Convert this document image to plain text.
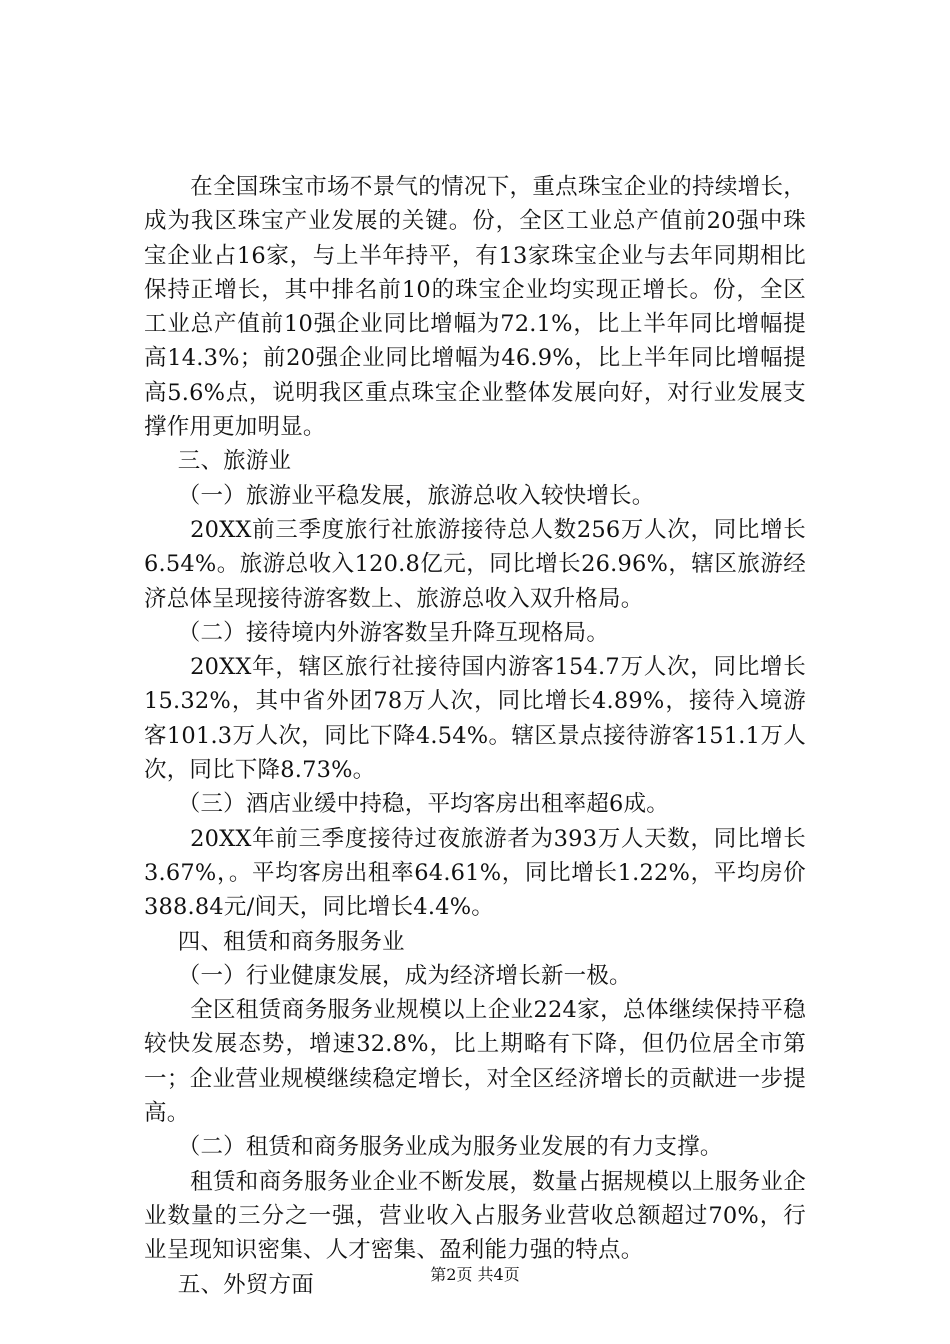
在全国珠宝市场不景气的情况下，重点珠宝企业的持续增长，成为我区珠宝产业发展的关键。份，全区工业总产值前20强中珠宝企业占16家，与上半年持平，有13家珠宝企业与去年同期相比保持正增长，其中排名前10的珠宝企业均实现正增长。份，全区工业总产值前10强企业同比增幅为72.1%，比上半年同比增幅提高14.3%；前20强企业同比增幅为46.9%，比上半年同比增幅提高5.6%点，说明我区重点珠宝企业整体发展向好，对行业发展支撑作用更加明显。

三、旅游业

（一）旅游业平稳发展，旅游总收入较快增长。

20XX前三季度旅行社旅游接待总人数256万人次，同比增长6.54%。旅游总收入120.8亿元，同比增长26.96%，辖区旅游经济总体呈现接待游客数上、旅游总收入双升格局。

（二）接待境内外游客数呈升降互现格局。

20XX年，辖区旅行社接待国内游客154.7万人次，同比增长15.32%，其中省外团78万人次，同比增长4.89%，接待入境游客101.3万人次，同比下降4.54%。辖区景点接待游客151.1万人次，同比下降8.73%。

（三）酒店业缓中持稳，平均客房出租率超6成。

20XX年前三季度接待过夜旅游者为393万人天数，同比增长3.67%，。平均客房出租率64.61%，同比增长1.22%，平均房价388.84元/间天，同比增长4.4%。

四、租赁和商务服务业

（一）行业健康发展，成为经济增长新一极。

全区租赁商务服务业规模以上企业224家，总体继续保持平稳较快发展态势，增速32.8%，比上期略有下降，但仍位居全市第一；企业营业规模继续稳定增长，对全区经济增长的贡献进一步提高。

（二）租赁和商务服务业成为服务业发展的有力支撑。

租赁和商务服务业企业不断发展，数量占据规模以上服务业企业数量的三分之一强，营业收入占服务业营收总额超过70%，行业呈现知识密集、人才密集、盈利能力强的特点。

五、外贸方面	第2页 共4页
